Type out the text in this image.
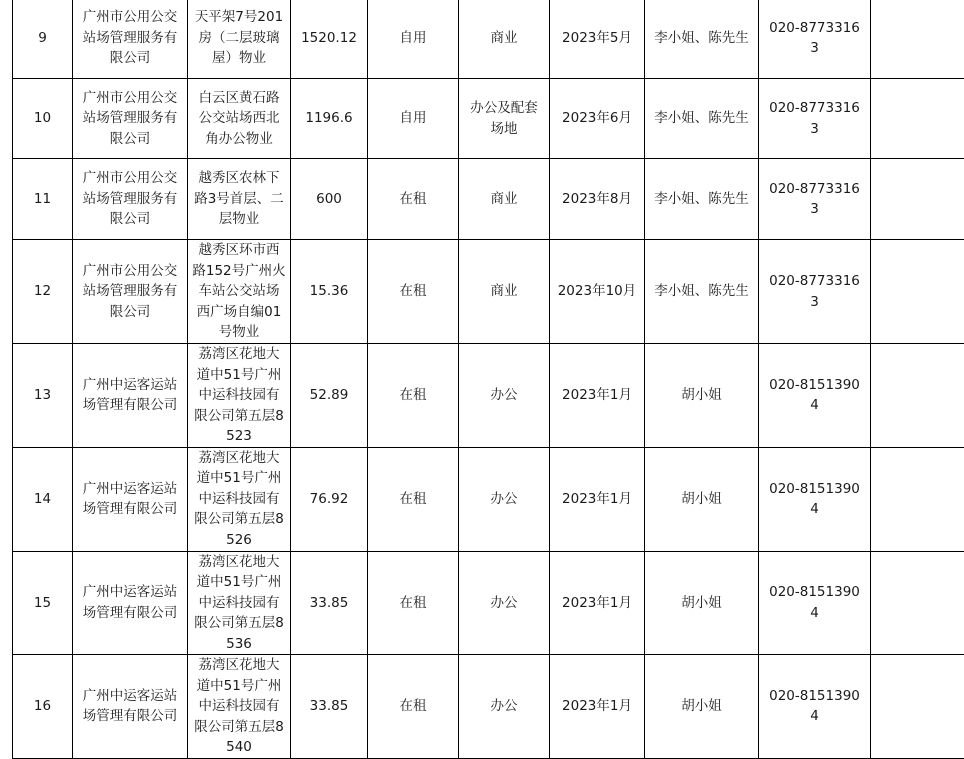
9	广州市公用公交站场管理服务有限公司	天平架7号201房（二层玻璃屋）物业	1520.12	自用	商业	2023年5月	李小姐、陈先生	020-87733163	
10	广州市公用公交站场管理服务有限公司	白云区黄石路公交站场西北角办公物业	1196.6	自用	办公及配套场地	2023年6月	李小姐、陈先生	020-87733163	
11	广州市公用公交站场管理服务有限公司	越秀区农林下路3号首层、二层物业	600	在租	商业	2023年8月	李小姐、陈先生	020-87733163	
12	广州市公用公交站场管理服务有限公司	越秀区环市西路152号广州火车站公交站场西广场自编01号物业	15.36	在租	商业	2023年10月	李小姐、陈先生	020-87733163	
13	广州中运客运站场管理有限公司	荔湾区花地大道中51号广州中运科技园有限公司第五层8523	52.89	在租	办公	2023年1月	胡小姐	020-81513904	
14	广州中运客运站场管理有限公司	荔湾区花地大道中51号广州中运科技园有限公司第五层8526	76.92	在租	办公	2023年1月	胡小姐	020-81513904	
15	广州中运客运站场管理有限公司	荔湾区花地大道中51号广州中运科技园有限公司第五层8536	33.85	在租	办公	2023年1月	胡小姐	020-81513904	
16	广州中运客运站场管理有限公司	荔湾区花地大道中51号广州中运科技园有限公司第五层8540	33.85	在租	办公	2023年1月	胡小姐	020-81513904	
